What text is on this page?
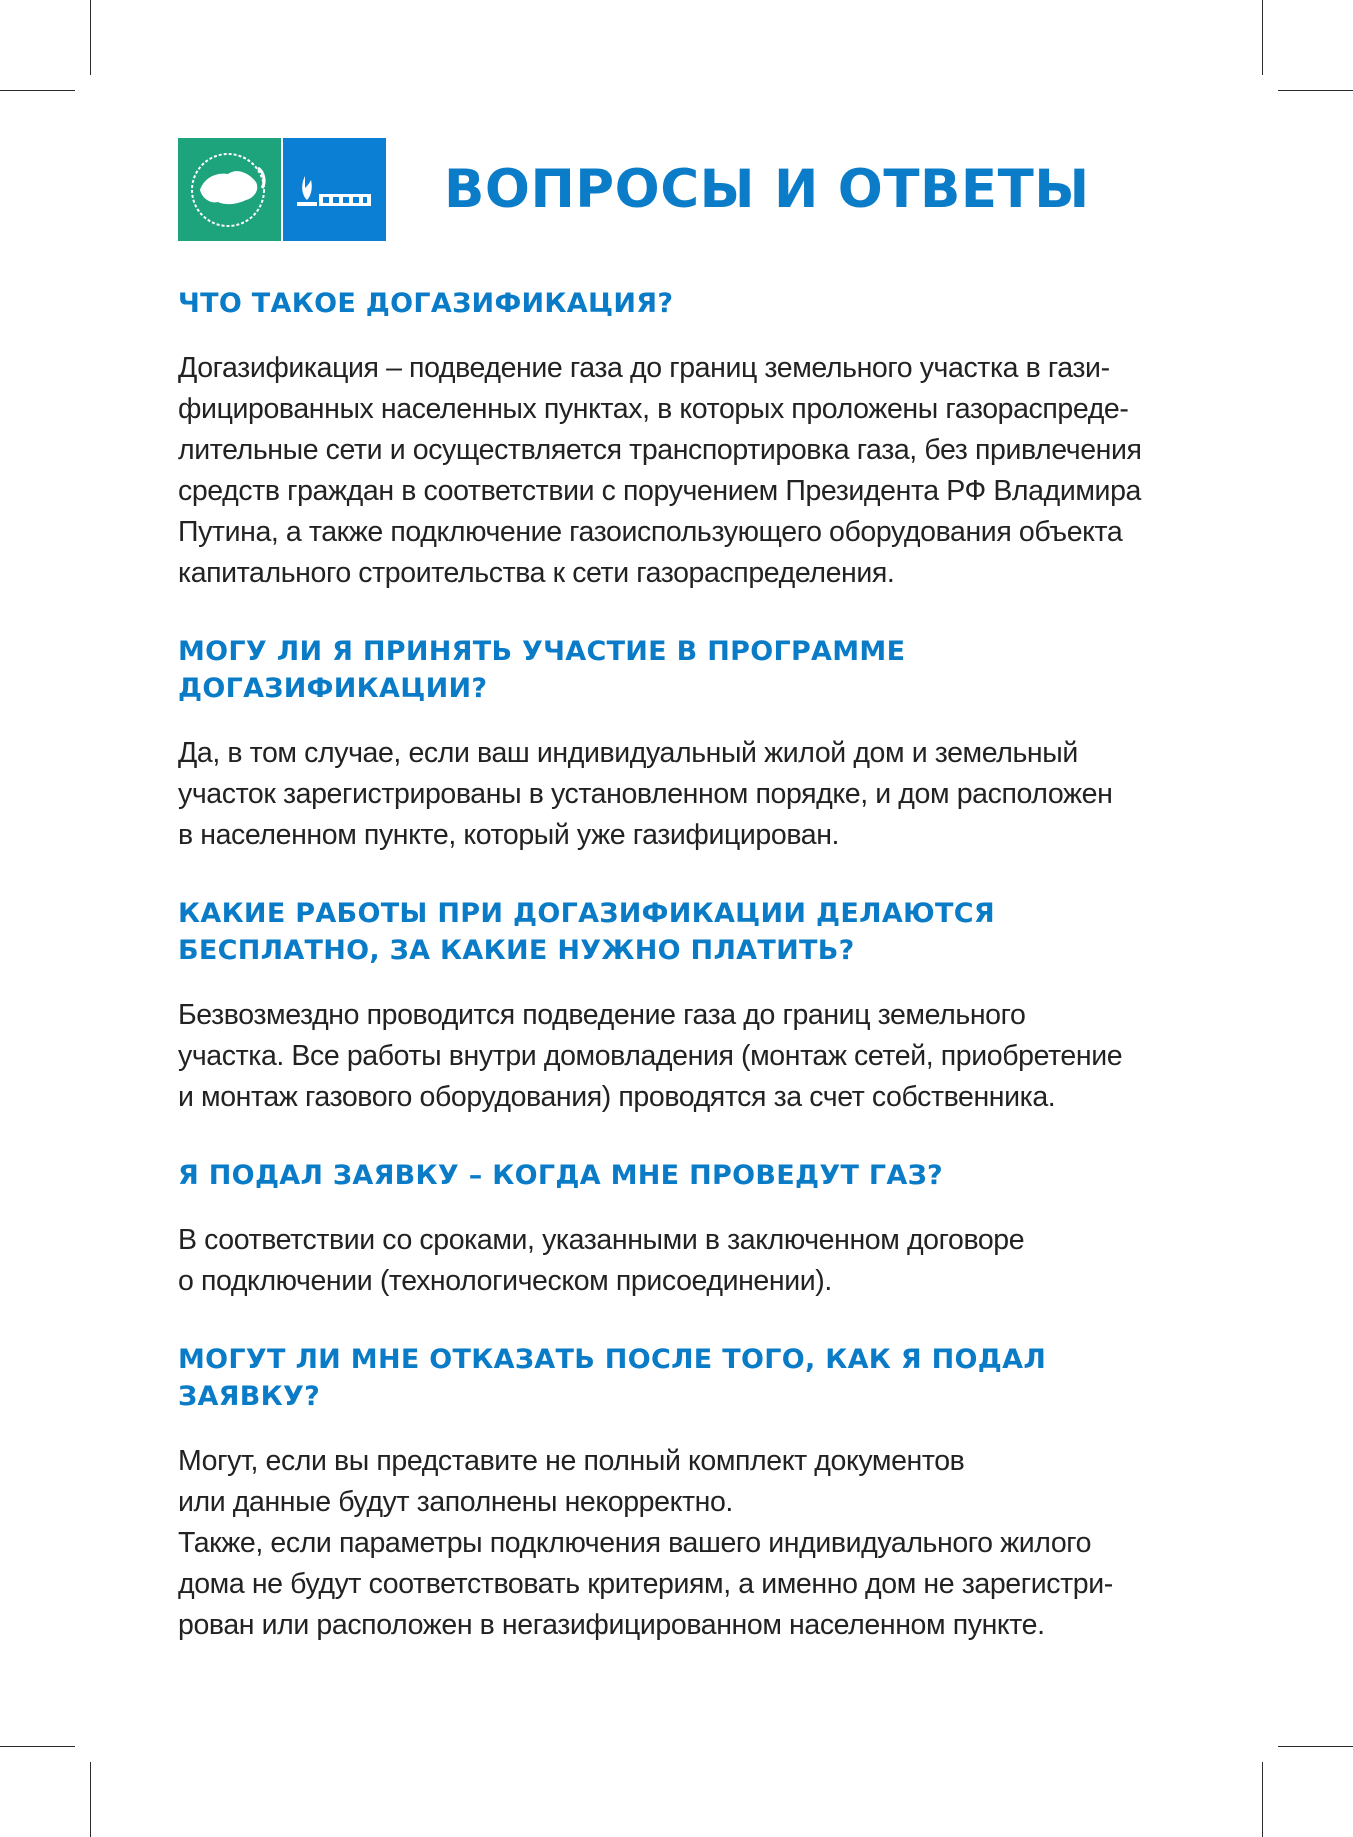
ВОПРОСЫ И ОТВЕТЫ
ЧТО ТАКОЕ ДОГАЗИФИКАЦИЯ?
Догазификация – подведение газа до границ земельного участка в гази-
фицированных населенных пунктах, в которых проложены газораспреде-
лительные сети и осуществляется транспортировка газа, без привлечения
средств граждан в соответствии с поручением Президента РФ Владимира
Путина, а также подключение газоиспользующего оборудования объекта
капитального строительства к сети газораспределения.
МОГУ ЛИ Я ПРИНЯТЬ УЧАСТИЕ В ПРОГРАММЕ ДОГАЗИФИКАЦИИ?
Да, в том случае, если ваш индивидуальный жилой дом и земельный
участок зарегистрированы в установленном порядке, и дом расположен
в населенном пункте, который уже газифицирован.
КАКИЕ РАБОТЫ ПРИ ДОГАЗИФИКАЦИИ ДЕЛАЮТСЯ БЕСПЛАТНО, ЗА КАКИЕ НУЖНО ПЛАТИТЬ?
Безвозмездно проводится подведение газа до границ земельного
участка. Все работы внутри домовладения (монтаж сетей, приобретение
и монтаж газового оборудования) проводятся за счет собственника.
Я ПОДАЛ ЗАЯВКУ – КОГДА МНЕ ПРОВЕДУТ ГАЗ?
В соответствии со сроками, указанными в заключенном договоре
о подключении (технологическом присоединении).
МОГУТ ЛИ МНЕ ОТКАЗАТЬ ПОСЛЕ ТОГО, КАК Я ПОДАЛ ЗАЯВКУ?
Могут, если вы представите не полный комплект документов
или данные будут заполнены некорректно.
Также, если параметры подключения вашего индивидуального жилого
дома не будут соответствовать критериям, а именно дом не зарегистри-
рован или расположен в негазифицированном населенном пункте.
